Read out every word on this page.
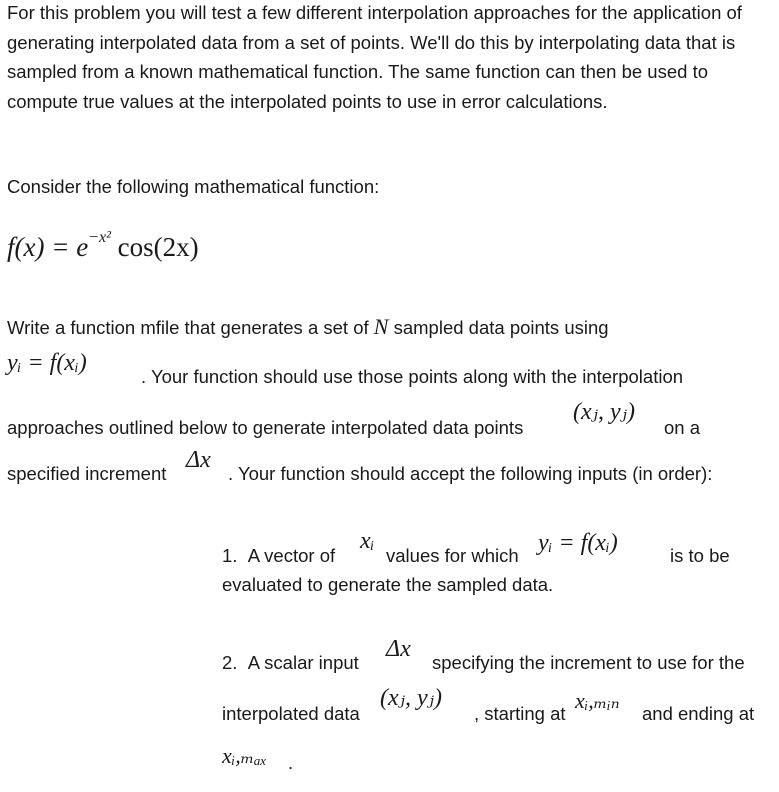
For this problem you will test a few different interpolation approaches for the application of generating interpolated data from a set of points. We'll do this by interpolating data that is sampled from a known mathematical function. The same function can then be used to compute true values at the interpolated points to use in error calculations.

Consider the following mathematical function:

$f(x) = e^{-x^2}$ cos(2x)
Write a function mfile that generates a set of N sampled data points using
yᵢ = f(xᵢ)
. Your function should use those points along with the interpolation
approaches outlined below to generate interpolated data points
(xⱼ, yⱼ)
on a
specified increment
Δx
. Your function should accept the following inputs (in order):
1. A vector of
xᵢ
values for which yᵢ = f(xᵢ)	is to be
evaluated to generate the sampled data.
2. A scalar input
Δx
specifying the increment to use for the
interpolated data
(xⱼ, yⱼ)
, starting at
xᵢ,ₘᵢₙ
and ending at
xᵢ,ₘₐₓ .
